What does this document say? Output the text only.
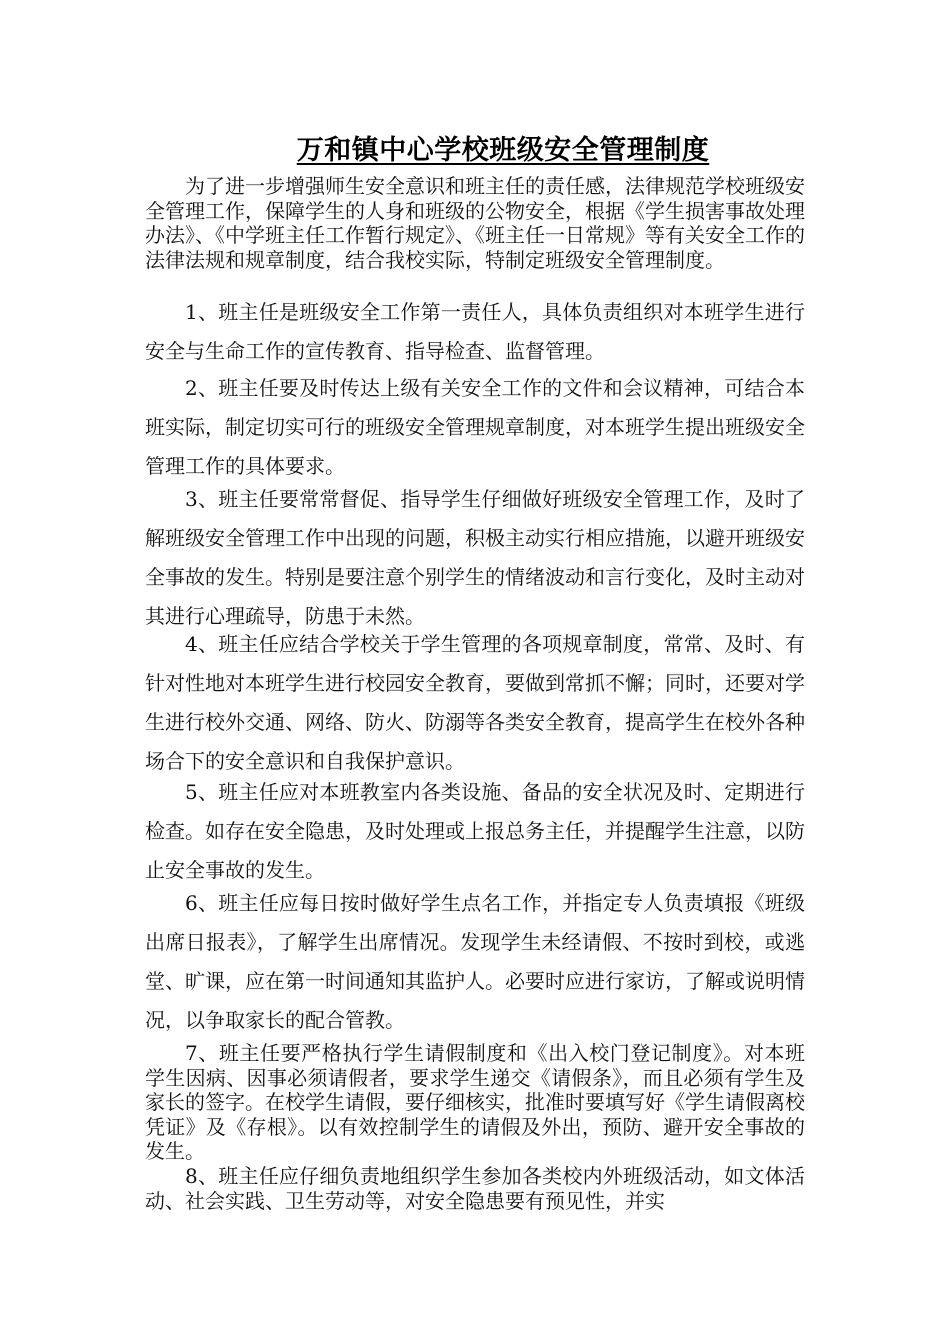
万和镇中心学校班级安全管理制度

为了进一步增强师生安全意识和班主任的责任感，法律规范学校班级安全管理工作，保障学生的人身和班级的公物安全，根据《学生损害事故处理办法》、《中学班主任工作暂行规定》、《班主任一日常规》等有关安全工作的法律法规和规章制度，结合我校实际，特制定班级安全管理制度。

1、班主任是班级安全工作第一责任人，具体负责组织对本班学生进行安全与生命工作的宣传教育、指导检查、监督管理。

2、班主任要及时传达上级有关安全工作的文件和会议精神，可结合本班实际，制定切实可行的班级安全管理规章制度，对本班学生提出班级安全管理工作的具体要求。

3、班主任要常常督促、指导学生仔细做好班级安全管理工作，及时了解班级安全管理工作中出现的问题，积极主动实行相应措施，以避开班级安全事故的发生。特别是要注意个别学生的情绪波动和言行变化，及时主动对其进行心理疏导，防患于未然。

4、班主任应结合学校关于学生管理的各项规章制度，常常、及时、有针对性地对本班学生进行校园安全教育，要做到常抓不懈；同时，还要对学生进行校外交通、网络、防火、防溺等各类安全教育，提高学生在校外各种场合下的安全意识和自我保护意识。

5、班主任应对本班教室内各类设施、备品的安全状况及时、定期进行检查。如存在安全隐患，及时处理或上报总务主任，并提醒学生注意，以防止安全事故的发生。

6、班主任应每日按时做好学生点名工作，并指定专人负责填报《班级出席日报表》，了解学生出席情况。发现学生未经请假、不按时到校，或逃堂、旷课，应在第一时间通知其监护人。必要时应进行家访，了解或说明情况，以争取家长的配合管教。

7、班主任要严格执行学生请假制度和《出入校门登记制度》。对本班学生因病、因事必须请假者，要求学生递交《请假条》，而且必须有学生及家长的签字。在校学生请假，要仔细核实，批准时要填写好《学生请假离校凭证》及《存根》。以有效控制学生的请假及外出，预防、避开安全事故的发生。

8、班主任应仔细负责地组织学生参加各类校内外班级活动，如文体活动、社会实践、卫生劳动等，对安全隐患要有预见性，并实
